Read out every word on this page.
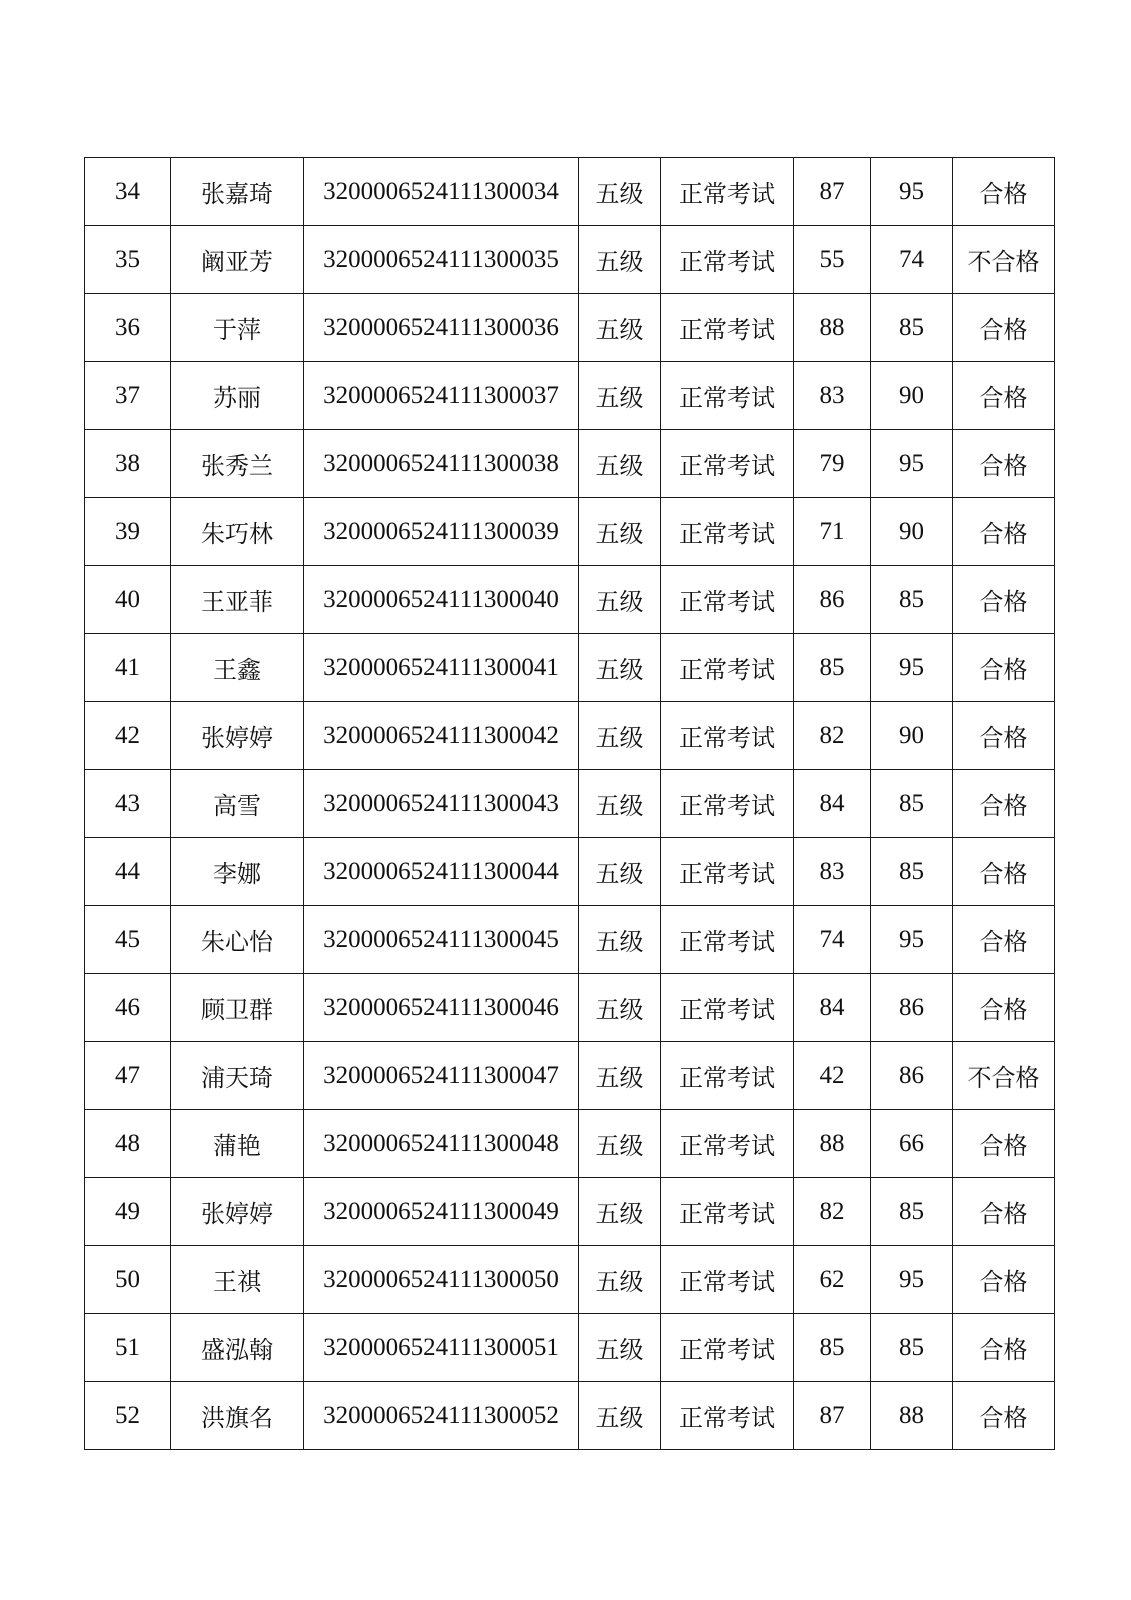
34	张嘉琦	3200006524111300034	五级	正常考试	87	95	合格
35	阚亚芳	3200006524111300035	五级	正常考试	55	74	不合格
36	于萍	3200006524111300036	五级	正常考试	88	85	合格
37	苏丽	3200006524111300037	五级	正常考试	83	90	合格
38	张秀兰	3200006524111300038	五级	正常考试	79	95	合格
39	朱巧林	3200006524111300039	五级	正常考试	71	90	合格
40	王亚菲	3200006524111300040	五级	正常考试	86	85	合格
41	王鑫	3200006524111300041	五级	正常考试	85	95	合格
42	张婷婷	3200006524111300042	五级	正常考试	82	90	合格
43	高雪	3200006524111300043	五级	正常考试	84	85	合格
44	李娜	3200006524111300044	五级	正常考试	83	85	合格
45	朱心怡	3200006524111300045	五级	正常考试	74	95	合格
46	顾卫群	3200006524111300046	五级	正常考试	84	86	合格
47	浦天琦	3200006524111300047	五级	正常考试	42	86	不合格
48	蒲艳	3200006524111300048	五级	正常考试	88	66	合格
49	张婷婷	3200006524111300049	五级	正常考试	82	85	合格
50	王祺	3200006524111300050	五级	正常考试	62	95	合格
51	盛泓翰	3200006524111300051	五级	正常考试	85	85	合格
52	洪旗名	3200006524111300052	五级	正常考试	87	88	合格
